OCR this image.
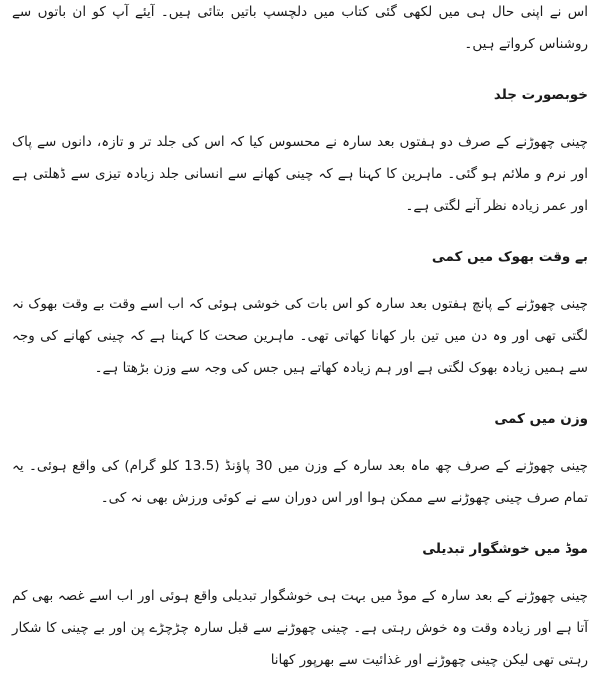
اس نے اپنی حال ہی میں لکھی گئی کتاب میں دلچسپ باتیں بتائی ہیں۔ آیئے آپ کو ان باتوں سے روشناس کرواتے ہیں۔

خوبصورت جلد

چینی چھوڑنے کے صرف دو ہفتوں بعد سارہ نے محسوس کیا کہ اس کی جلد تر و تازہ، دانوں سے پاک اور نرم و ملائم ہو گئی۔ ماہرین کا کہنا ہے کہ چینی کھانے سے انسانی جلد زیادہ تیزی سے ڈھلتی ہے اور عمر زیادہ نظر آنے لگتی ہے۔

بے وقت بھوک میں کمی

چینی چھوڑنے کے پانچ ہفتوں بعد سارہ کو اس بات کی خوشی ہوئی کہ اب اسے وقت بے وقت بھوک نہ لگتی تھی اور وہ دن میں تین بار کھانا کھاتی تھی۔ ماہرین صحت کا کہنا ہے کہ چینی کھانے کی وجہ سے ہمیں زیادہ بھوک لگتی ہے اور ہم زیادہ کھاتے ہیں جس کی وجہ سے وزن بڑھتا ہے۔

وزن میں کمی

چینی چھوڑنے کے صرف چھ ماہ بعد سارہ کے وزن میں 30 پاؤنڈ (13.5 کلو گرام) کی واقع ہوئی۔ یہ تمام صرف چینی چھوڑنے سے ممکن ہوا اور اس دوران سے نے کوئی ورزش بھی نہ کی۔

موڈ میں خوشگوار تبدیلی

چینی چھوڑنے کے بعد سارہ کے موڈ میں بہت ہی خوشگوار تبدیلی واقع ہوئی اور اب اسے غصہ بھی کم آتا ہے اور زیادہ وقت وہ خوش رہتی ہے۔ چینی چھوڑنے سے قبل سارہ چڑچڑے پن اور بے چینی کا شکار رہتی تھی لیکن چینی چھوڑنے اور غذائیت سے بھرپور کھانا
